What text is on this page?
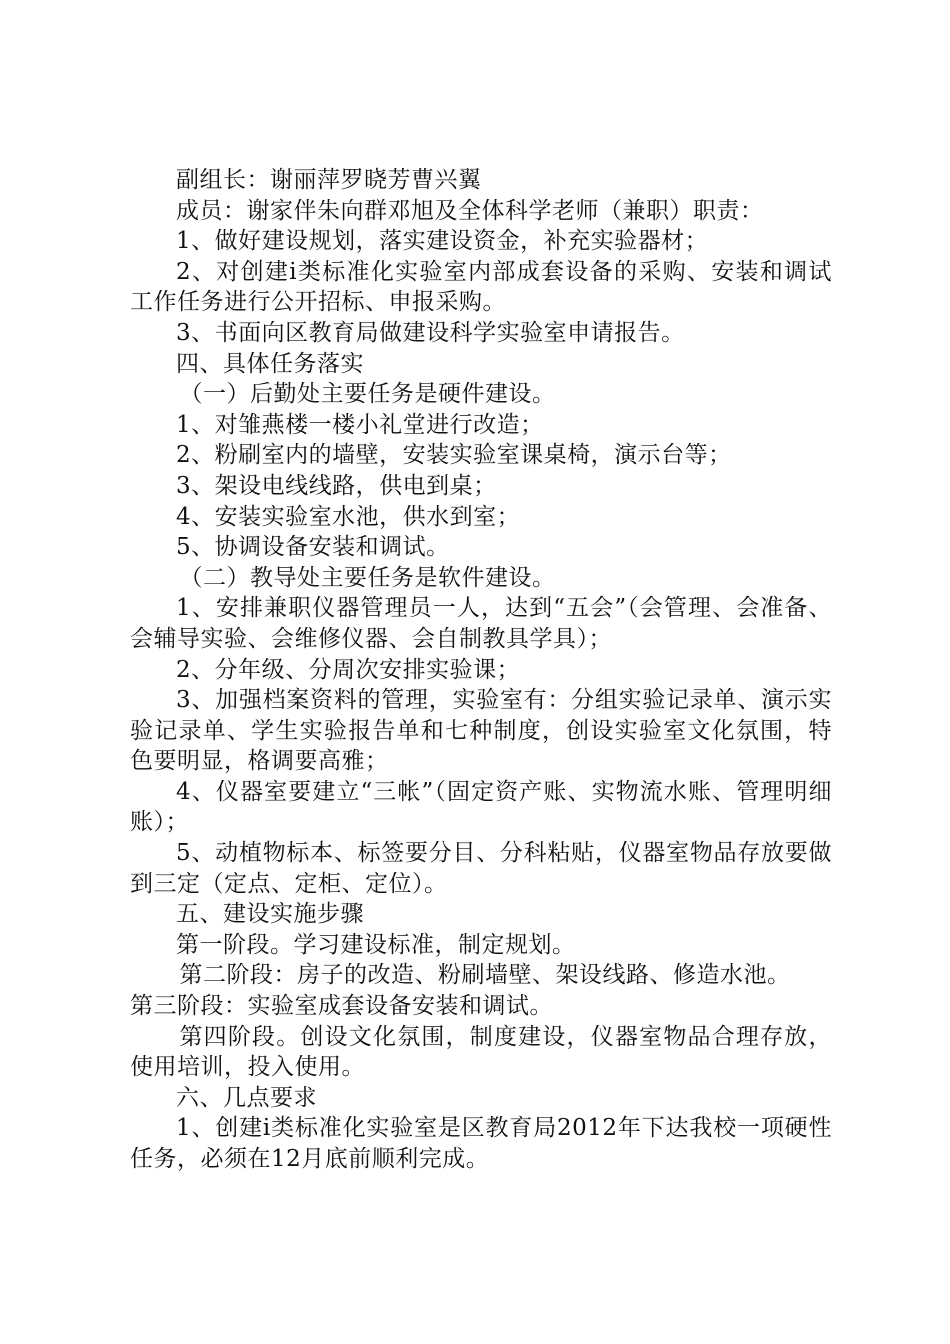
副组长：谢丽萍罗晓芳曹兴翼

成员：谢家伴朱向群邓旭及全体科学老师（兼职）职责：

1、做好建设规划，落实建设资金，补充实验器材；

2、对创建ⅰ类标准化实验室内部成套设备的采购、安装和调试工作任务进行公开招标、申报采购。

3、书面向区教育局做建设科学实验室申请报告。

四、具体任务落实

（一）后勤处主要任务是硬件建设。

1、对雏燕楼一楼小礼堂进行改造；

2、粉刷室内的墙壁，安装实验室课桌椅，演示台等；

3、架设电线线路，供电到桌；

4、安装实验室水池，供水到室；

5、协调设备安装和调试。

（二）教导处主要任务是软件建设。

1、安排兼职仪器管理员一人，达到“五会”（会管理、会准备、会辅导实验、会维修仪器、会自制教具学具）；

2、分年级、分周次安排实验课；

3、加强档案资料的管理，实验室有：分组实验记录单、演示实验记录单、学生实验报告单和七种制度，创设实验室文化氛围，特色要明显，格调要高雅；

4、仪器室要建立“三帐”（固定资产账、实物流水账、管理明细账）；

5、动植物标本、标签要分目、分科粘贴，仪器室物品存放要做到三定（定点、定柜、定位）。

五、建设实施步骤

第一阶段。学习建设标准，制定规划。

第二阶段：房子的改造、粉刷墙壁、架设线路、修造水池。

第三阶段：实验室成套设备安装和调试。

第四阶段。创设文化氛围，制度建设，仪器室物品合理存放，使用培训，投入使用。

六、几点要求

1、创建ⅰ类标准化实验室是区教育局2012年下达我校一项硬性任务，必须在12月底前顺利完成。
